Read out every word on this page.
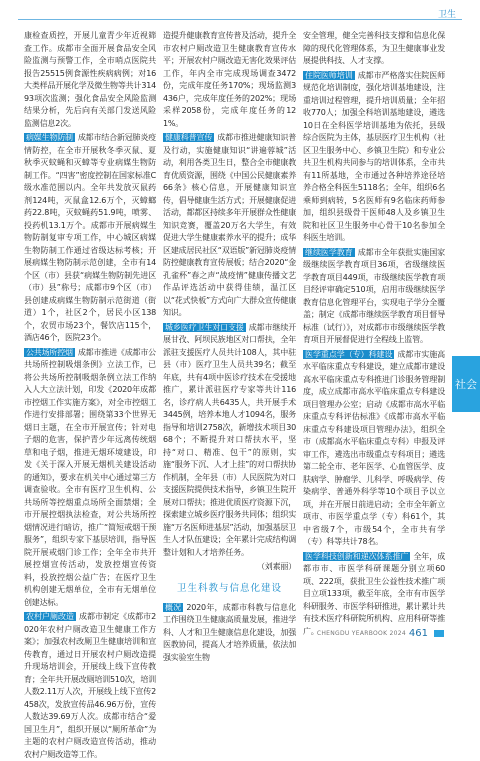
卫生

康检查质控，开展儿童青少年近视筛查工作。成都市全面开展食品安全风险监测与预警工作，全市哨点医院共报告25515例食源性疾病病例；对16大类样品开展化学及微生物等共计31493项次监测；强化食品安全风险监测结果分析，先后向有关部门发送风险监测信息2次。

病媒生物防制 成都市结合新冠肺炎疫情防控，在全市开展秋冬季灭鼠、夏秋季灭蚊蝇和灭蟑等专业病媒生物防制工作。“四害”密度控制在国家标准C级水准范围以内。全年共发放灭鼠药剂124吨，灭鼠盒12.6万个，灭蟑螂药22.8吨，灭蚊蝇药51.9吨，喷雾、投药机13.1万个。成都市开展病媒生物防制复审专项工作，中心城区病媒生物防制工作通过省级达标考核；开展病媒生物防制示范创建，全市有14个区（市）县获“病媒生物防制先进区（市）县”称号；成都市9个区（市）县创建成病媒生物防制示范街道（街道）1个，社区2个，居民小区138个，农贸市场23个，餐饮店115个，酒店46个，医院23个。

公共场所控烟 成都市推进《成都市公共场所控制吸烟条例》立法工作，已将公共场所控制吸烟条例立法工作纳入人大立法计划，印发《2020年成都市控烟工作实施方案》，对全市控烟工作进行安排部署；围绕第33个世界无烟日主题，在全市开展宣传；针对电子烟的危害，保护青少年远离传统烟草和电子烟，推进无烟环境建设，印发《关于深入开展无烟机关建设活动的通知》，要求在机关中心通过第三方调查验收。全市有医疗卫生机构、公共场所等控烟重点场所全面禁烟；全市开展控烟执法检查，对公共场所控烟情况进行暗访，推广“简短戒烟干预服务”，组织专家下基层培训，指导医院开展戒烟门诊工作；全年全市共开展控烟宣传活动，发放控烟宣传资料，投放控烟公益广告；在医疗卫生机构创建无烟单位，全市有无烟单位创建达标。

农村户厕改造 成都市制定《成都市2020年农村户厕改造卫生健康工作方案》；加强农村改厕卫生健康培训和宣传教育，通过日开展农村户厕改造提升现场培训会，开展线上线下宣传教育；全年共开展改厕培训510次，培训人数2.11万人次，开展线上线下宣传2458次，发放宣传品46.96万份，宣传人数达39.69万人次。成都市结合“爱国卫生月”，组织开展以“厕所革命”为主题的农村户厕改造宣传活动，推动农村户厕改造等工作。

造提升健康教育宣传普及活动，提升全市农村户厕改造卫生健康教育宣传水平；开展农村户厕改造无害化效果评估工作，年内全市完成现场调查3472份，完成年度任务170%；现场监测3436户，完成年度任务的202%；现场采样2058份，完成年度任务的121%。

健康科普宣传 成都市推进健康知识普及行动，实施健康知识“讲遍蓉城”活动，利用各类卫生日，整合全市健康教育优质资源，围绕《中国公民健康素养66条》核心信息，开展健康知识宣传，倡导健康生活方式；开展健康促进活动，都都区持续多年开展群众性健康知识竞赛，覆盖20万名大学生，有效促进大学生健康素养水平的提升；成华区建成居民社区“双语版”新冠肺炎疫情防控健康教育宣传展板；结合2020“金孔雀杯”春之声“战疫情”健康传播文艺作品评选活动中获得佳绩，温江区以“花式快板”方式向广大群众宣传健康知识。

城乡医疗卫生对口支援 成都市继续开展甘孜、阿坝民族地区对口帮扶，全年派驻支援医疗人员共计108人，其中驻县（市）医疗卫生人员共39名；截至年底，共有4项中医诊疗技术在受援地推广，累计派驻医疗专家等共计116名，诊疗病人共6435人，共开展手术3445例，培养本地人才1094名，服务指导和培训2758次，新增技术项目3068个；不断提升对口帮扶水平，坚持“对口、精准、包干”的原则，实施“服务下沉、人才上挂”的对口帮扶协作机制，全年县（市）人民医院为对口支援医院提供技术指导，乡镇卫生院开展对口帮扶；推进优质医疗资源下沉，探索建立城乡医疗服务共同体；组织实施“万名医师进基层”活动，加强基层卫生人才队伍建设；全年累计完成结构调整计划和人才培养任务。

（刘素丽）

卫生科教与信息化建设

概况 2020年，成都市科教与信息化工作围绕卫生健康高质量发展，推进学科、人才和卫生健康信息化建设，加强医教协同，提高人才培养质量，依法加强实验室生物

安全管理，健全完善科技支撑和信息化保障的现代化管理体系，为卫生健康事业发展提供科技、人才支撑。

住院医师培训 成都市严格落实住院医师规范化培训制度，强化培训基地建设，注重培训过程管理，提升培训质量；全年招收770人；加强全科培训基地建设，遴选10日在全科医学培训基地为依托，县级综合医院为主体，基层医疗卫生机构（社区卫生服务中心、乡镇卫生院）和专业公共卫生机构共同参与的培训体系，全市共有11所基地，全市通过各种培养途径培养合格全科医生5118名；全年，组织6名乘师到病转，5名医师有9名临床药师参加，组织县级骨干医师48人及乡镇卫生院和社区卫生服务中心骨干10名参加全科医生培训。

继续医学教育 成都市全年获批实施国家级继续医学教育项目36项，省级继续医学教育项目449项，市级继续医学教育项目经评审确定510项，启用市级继续医学教育信息化管理平台，实现电子学分全覆盖；制定《成都市继续医学教育项目督导标准（试行）》，对成都市市级继续医学教育项目开展督促进行全程线上监管。

医学重点学（专）科建设 成都市实施高水平临床重点专科建设，建立成都市建设高水平临床重点专科推进门诊服务管理制度，成立成都市高水平临床重点专科建设项目管理办公室；启动《成都市高水平临床重点专科评估标准》《成都市高水平临床重点专科建设项目管理办法》，组织全市（成都高水平临床重点专科）申报及评审工作，遴选出市级重点专科项目；遴选第二轮全市、老年医学、心血管医学、皮肤病学、肿瘤学、儿科学、呼吸病学、传染病学、普通外科学等10个项目予以立项，并在开展日前进启动；全市全年新立项市、市医学重点学（专）科61个，其中省级7个，市级54个，全市共有学（专）科等共计78名。

医学科技创新和递次体系推广 全年，成都市市、市医学科研课题分别立项60项、222项，获批卫生公益性技术推广项目立项133项，截至年底，全市有市医学科研服务、市医学科研推进，累计累计共有技术医疗科研院所机构、应用科研等推广。

社会
CHENGDU YEARBOOK 2024 461
